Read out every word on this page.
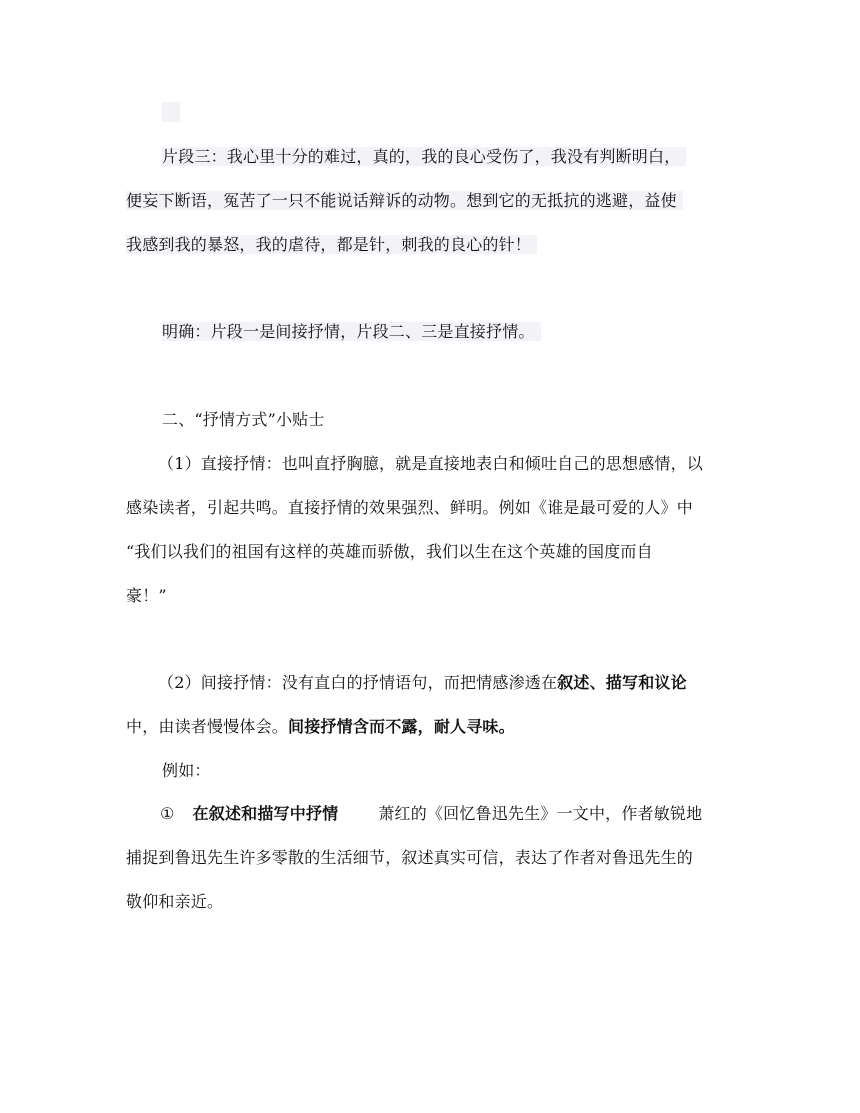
片段三：我心里十分的难过，真的，我的良心受伤了，我没有判断明白，
便妄下断语，冤苦了一只不能说话辩诉的动物。想到它的无抵抗的逃避，益使
我感到我的暴怒，我的虐待，都是针，刺我的良心的针！
明确：片段一是间接抒情，片段二、三是直接抒情。
二、“抒情方式”小贴士
（1）直接抒情：也叫直抒胸臆，就是直接地表白和倾吐自己的思想感情，以
感染读者，引起共鸣。直接抒情的效果强烈、鲜明。例如《谁是最可爱的人》中
“我们以我们的祖国有这样的英雄而骄傲，我们以生在这个英雄的国度而自
豪！”
（2）间接抒情：没有直白的抒情语句，而把情感渗透在叙述、描写和议论
中，由读者慢慢体会。间接抒情含而不露，耐人寻味。
例如：
① 在叙述和描写中抒情	萧红的《回忆鲁迅先生》一文中，作者敏锐地
捕捉到鲁迅先生许多零散的生活细节，叙述真实可信，表达了作者对鲁迅先生的
敬仰和亲近。
